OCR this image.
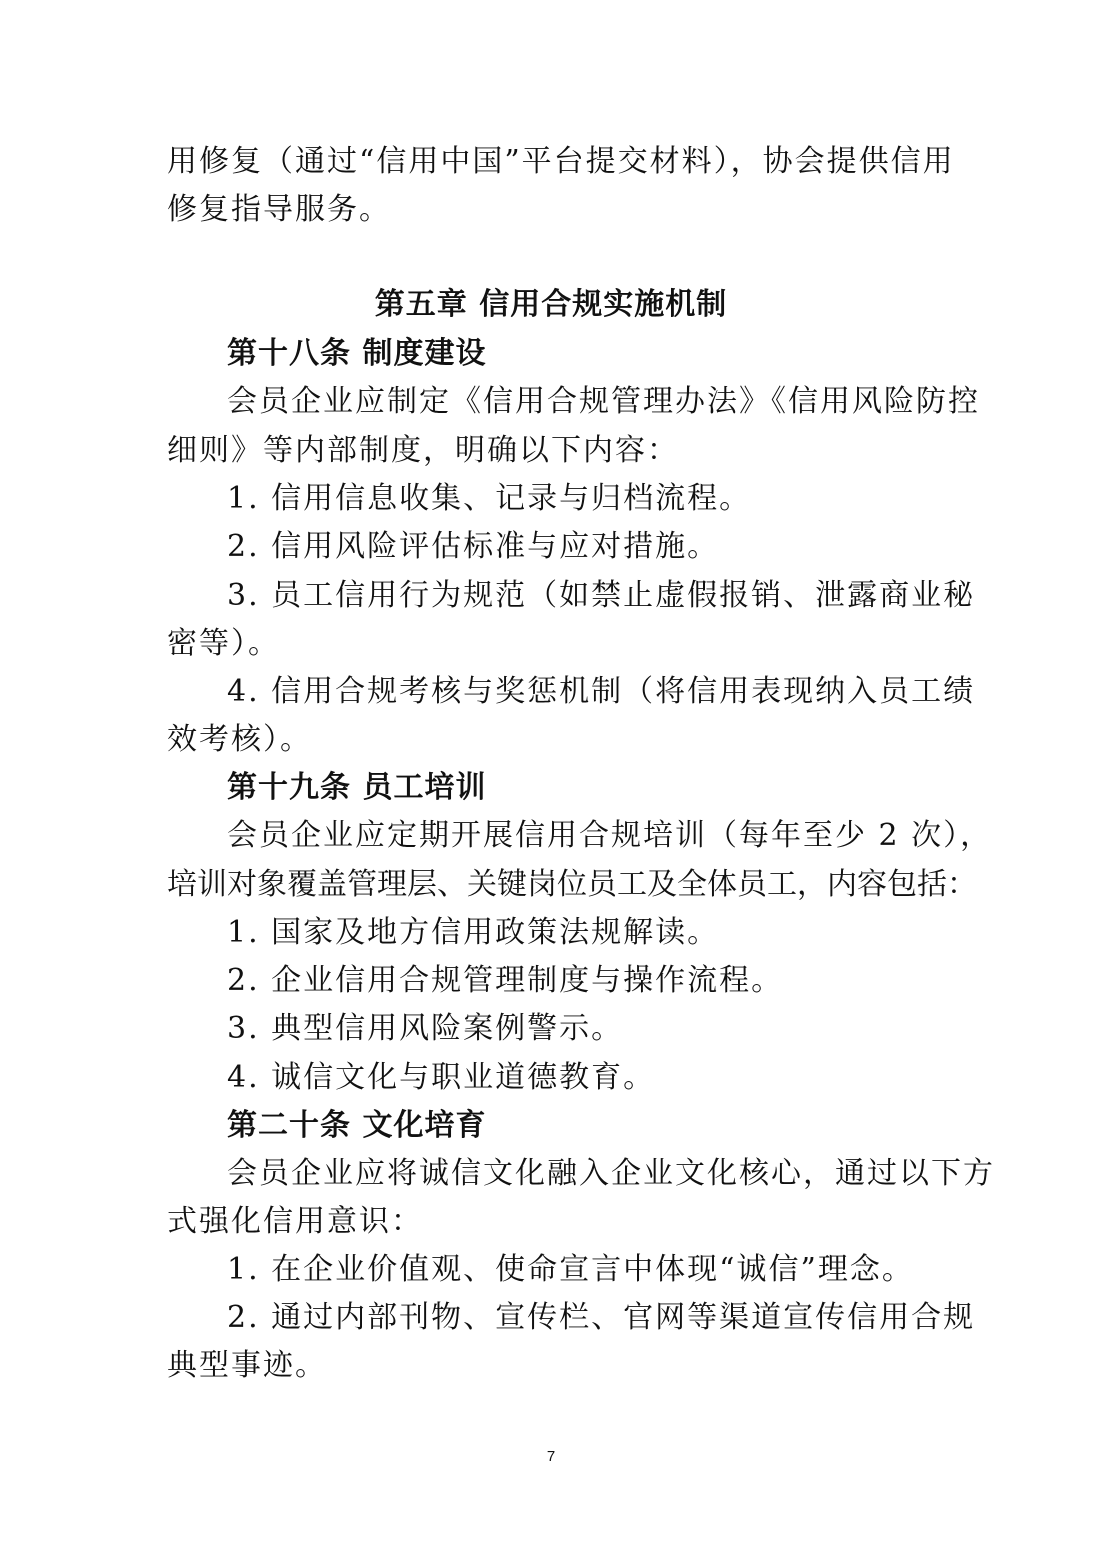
用修复（通过“信用中国”平台提交材料），协会提供信用
修复指导服务。
第五章 信用合规实施机制
第十八条 制度建设
会员企业应制定《信用合规管理办法》《信用风险防控
细则》等内部制度，明确以下内容：
1. 信用信息收集、记录与归档流程。
2. 信用风险评估标准与应对措施。
3. 员工信用行为规范（如禁止虚假报销、泄露商业秘
密等）。
4. 信用合规考核与奖惩机制（将信用表现纳入员工绩
效考核）。
第十九条 员工培训
会员企业应定期开展信用合规培训（每年至少 2 次），
培训对象覆盖管理层、关键岗位员工及全体员工，内容包括：
1. 国家及地方信用政策法规解读。
2. 企业信用合规管理制度与操作流程。
3. 典型信用风险案例警示。
4. 诚信文化与职业道德教育。
第二十条 文化培育
会员企业应将诚信文化融入企业文化核心，通过以下方
式强化信用意识：
1. 在企业价值观、使命宣言中体现“诚信”理念。
2. 通过内部刊物、宣传栏、官网等渠道宣传信用合规
典型事迹。
7
